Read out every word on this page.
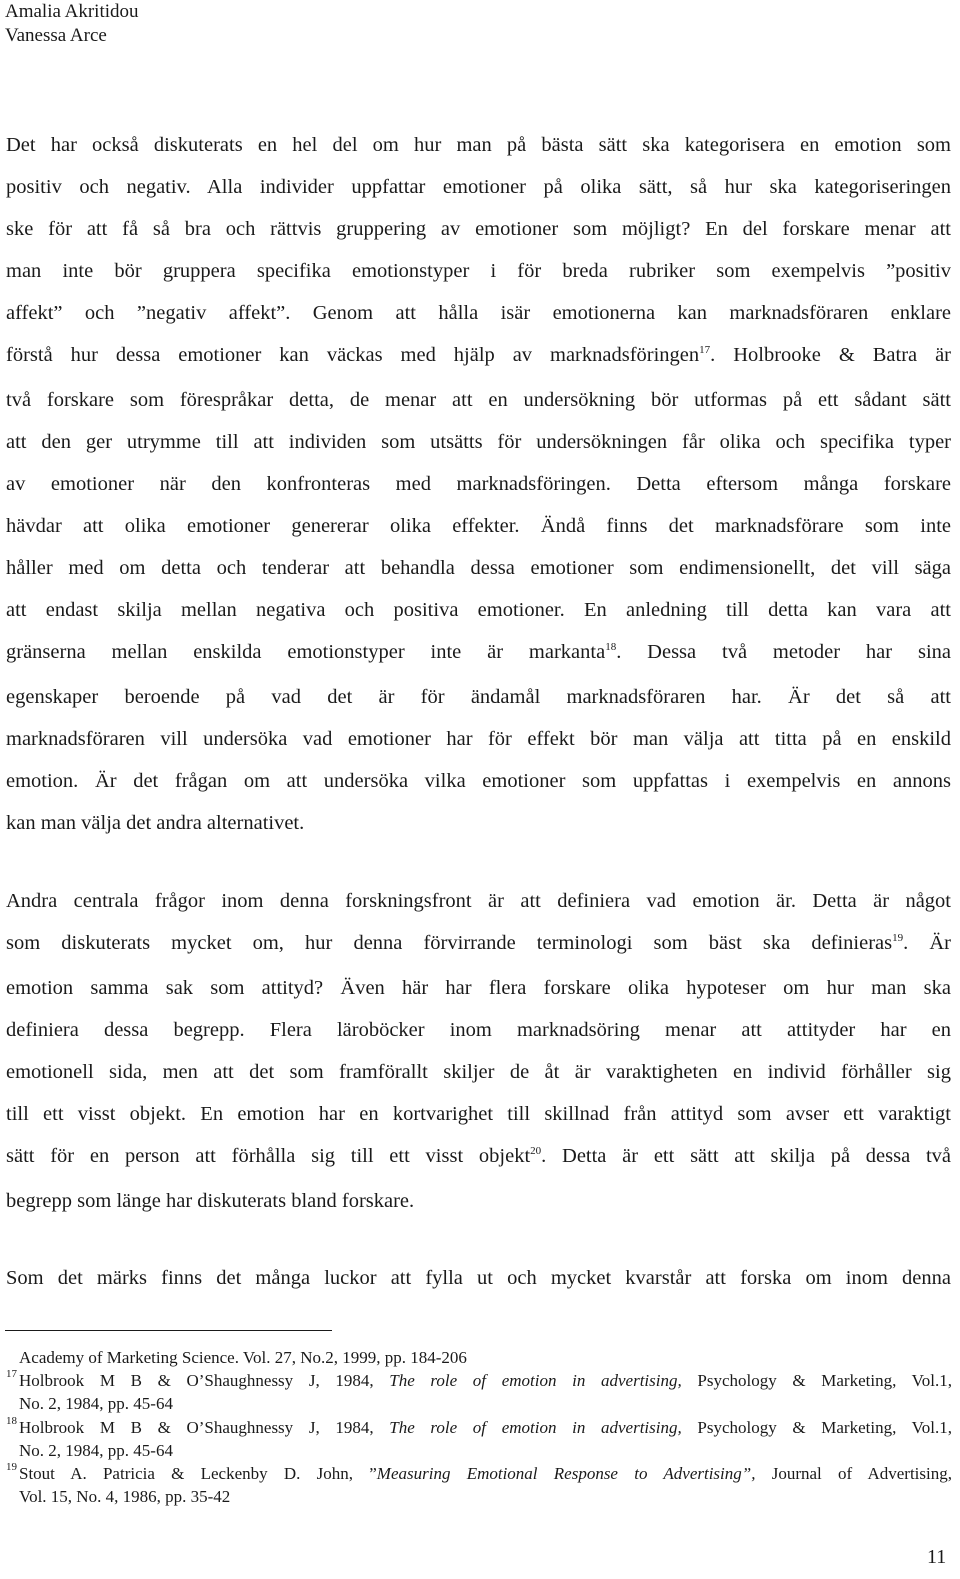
Amalia Akritidou
Vanessa Arce
Det har också diskuterats en hel del om hur man på bästa sätt ska kategorisera en emotion som
positiv och negativ. Alla individer uppfattar emotioner på olika sätt, så hur ska kategoriseringen
ske för att få så bra och rättvis gruppering av emotioner som möjligt? En del forskare menar att
man inte bör gruppera specifika emotionstyper i för breda rubriker som exempelvis ”positiv
affekt” och ”negativ affekt”. Genom att hålla isär emotionerna kan marknadsföraren enklare
förstå hur dessa emotioner kan väckas med hjälp av marknadsföringen$^{17}$. Holbrooke & Batra är
två forskare som förespråkar detta, de menar att en undersökning bör utformas på ett sådant sätt
att den ger utrymme till att individen som utsätts för undersökningen får olika och specifika typer
av emotioner när den konfronteras med marknadsföringen. Detta eftersom många forskare
hävdar att olika emotioner genererar olika effekter. Ändå finns det marknadsförare som inte
håller med om detta och tenderar att behandla dessa emotioner som endimensionellt, det vill säga
att endast skilja mellan negativa och positiva emotioner. En anledning till detta kan vara att
gränserna mellan enskilda emotionstyper inte är markanta$^{18}$. Dessa två metoder har sina
egenskaper beroende på vad det är för ändamål marknadsföraren har. Är det så att
marknadsföraren vill undersöka vad emotioner har för effekt bör man välja att titta på en enskild
emotion. Är det frågan om att undersöka vilka emotioner som uppfattas i exempelvis en annons
kan man välja det andra alternativet.
Andra centrala frågor inom denna forskningsfront är att definiera vad emotion är. Detta är något
som diskuterats mycket om, hur denna förvirrande terminologi som bäst ska definieras$^{19}$. Är
emotion samma sak som attityd? Även här har flera forskare olika hypoteser om hur man ska
definiera dessa begrepp. Flera läroböcker inom marknadsöring menar att attityder har en
emotionell sida, men att det som framförallt skiljer de åt är varaktigheten en individ förhåller sig
till ett visst objekt. En emotion har en kortvarighet till skillnad från attityd som avser ett varaktigt
sätt för en person att förhålla sig till ett visst objekt$^{20}$. Detta är ett sätt att skilja på dessa två
begrepp som länge har diskuterats bland forskare.
Som det märks finns det många luckor att fylla ut och mycket kvarstår att forska om inom denna
Academy of Marketing Science. Vol. 27, No.2, 1999, pp. 184-206
17 Holbrook M B & O’Shaughnessy J, 1984, The role of emotion in advertising, Psychology & Marketing, Vol.1,
No. 2, 1984, pp. 45-64
18 Holbrook M B & O’Shaughnessy J, 1984, The role of emotion in advertising, Psychology & Marketing, Vol.1,
No. 2, 1984, pp. 45-64
19 Stout A. Patricia & Leckenby D. John, ”Measuring Emotional Response to Advertising”, Journal of Advertising,
Vol. 15, No. 4, 1986, pp. 35-42
11
